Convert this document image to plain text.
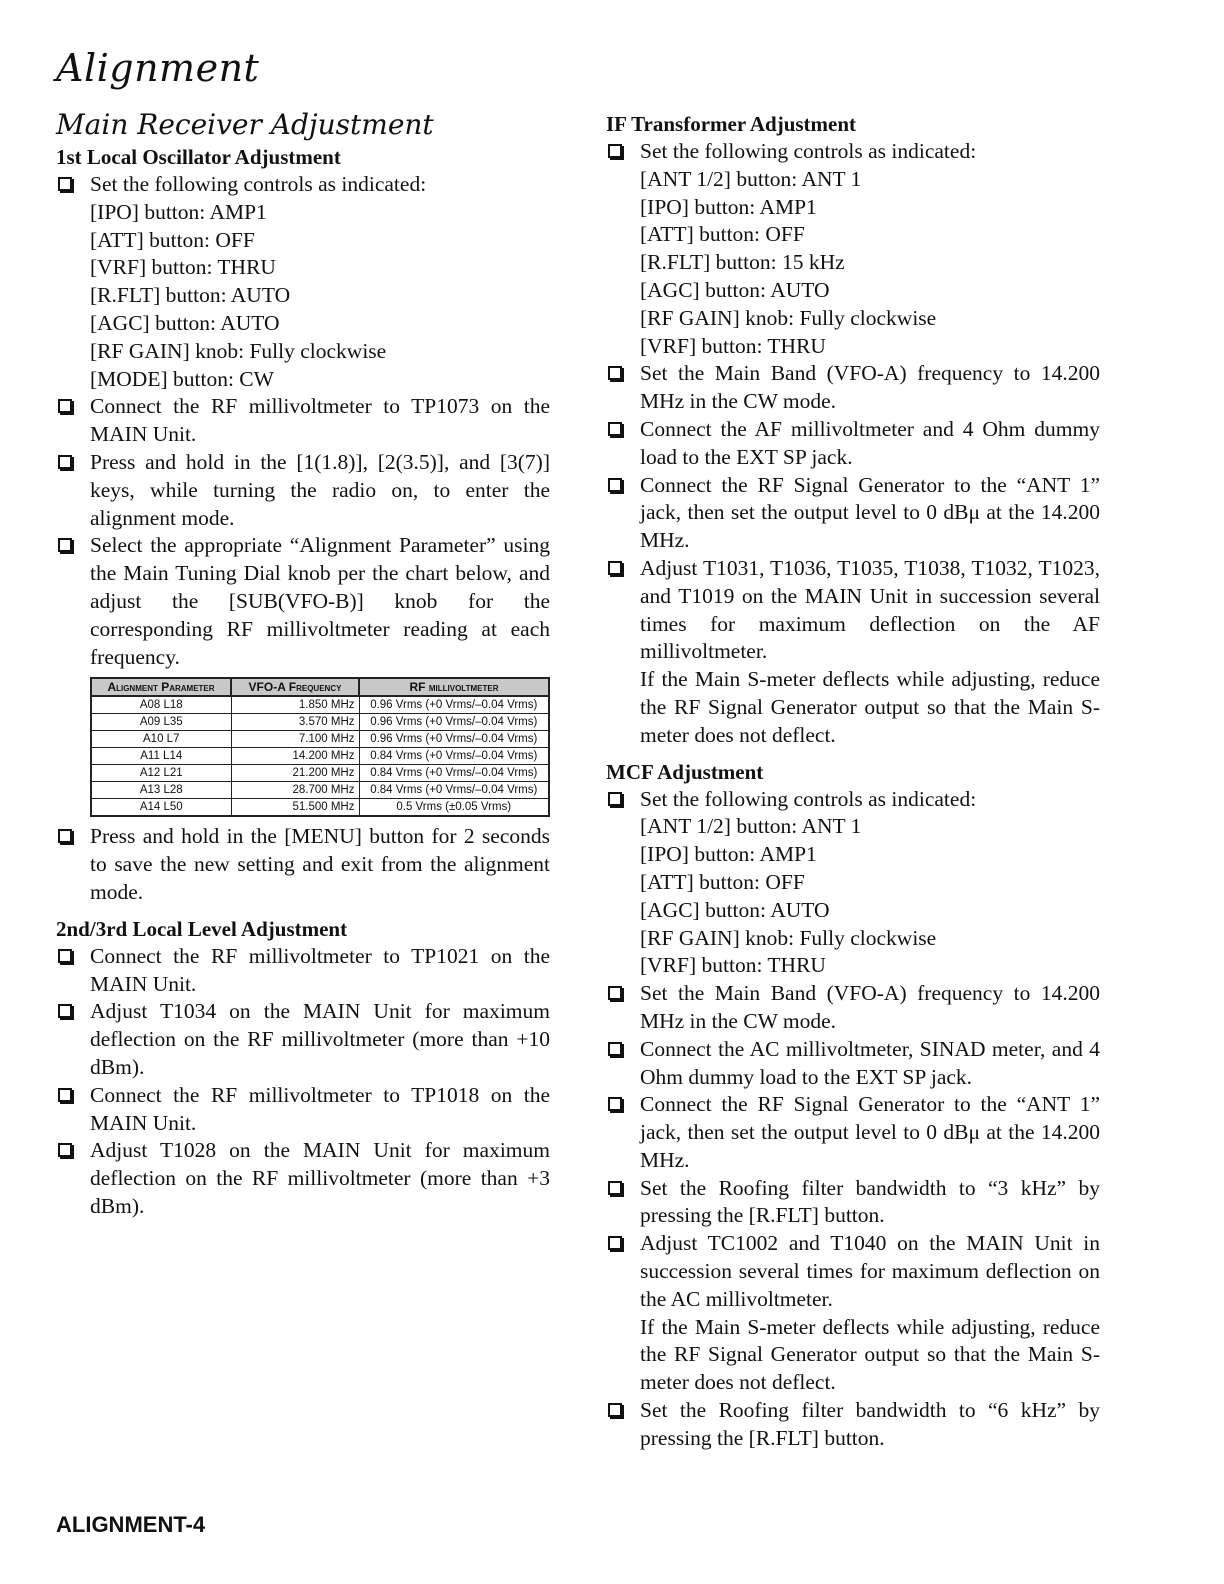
Alignment
Main Receiver Adjustment
1st Local Oscillator Adjustment
Set the following controls as indicated:
[IPO] button: AMP1
[ATT] button: OFF
[VRF] button: THRU
[R.FLT] button: AUTO
[AGC] button: AUTO
[RF GAIN] knob: Fully clockwise
[MODE] button: CW
Connect the RF millivoltmeter to TP1073 on the MAIN Unit.
Press and hold in the [1(1.8)], [2(3.5)], and [3(7)] keys, while turning the radio on, to enter the alignment mode.
Select the appropriate “Alignment Parameter” using the Main Tuning Dial knob per the chart below, and adjust the [SUB(VFO-B)] knob for the corresponding RF millivoltmeter reading at each frequency.
Alignment Parameter	VFO-A Frequency	RF millivoltmeter
A08 L18	1.850 MHz	0.96 Vrms (+0 Vrms/–0.04 Vrms)
A09 L35	3.570 MHz	0.96 Vrms (+0 Vrms/–0.04 Vrms)
A10 L7	7.100 MHz	0.96 Vrms (+0 Vrms/–0.04 Vrms)
A11 L14	14.200 MHz	0.84 Vrms (+0 Vrms/–0.04 Vrms)
A12 L21	21.200 MHz	0.84 Vrms (+0 Vrms/–0.04 Vrms)
A13 L28	28.700 MHz	0.84 Vrms (+0 Vrms/–0.04 Vrms)
A14 L50	51.500 MHz	0.5 Vrms (±0.05 Vrms)
Press and hold in the [MENU] button for 2 seconds to save the new setting and exit from the alignment mode.
2nd/3rd Local Level Adjustment
Connect the RF millivoltmeter to TP1021 on the MAIN Unit.
Adjust T1034 on the MAIN Unit for maximum deflection on the RF millivoltmeter (more than +10 dBm).
Connect the RF millivoltmeter to TP1018 on the MAIN Unit.
Adjust T1028 on the MAIN Unit for maximum deflection on the RF millivoltmeter (more than +3 dBm).
IF Transformer Adjustment
Set the following controls as indicated:
[ANT 1/2] button: ANT 1
[IPO] button: AMP1
[ATT] button: OFF
[R.FLT] button: 15 kHz
[AGC] button: AUTO
[RF GAIN] knob: Fully clockwise
[VRF] button: THRU
Set the Main Band (VFO-A) frequency to 14.200 MHz in the CW mode.
Connect the AF millivoltmeter and 4 Ohm dummy load to the EXT SP jack.
Connect the RF Signal Generator to the “ANT 1” jack, then set the output level to 0 dBμ at the 14.200 MHz.
Adjust T1031, T1036, T1035, T1038, T1032, T1023, and T1019 on the MAIN Unit in succession several times for maximum deflection on the AF millivoltmeter.
If the Main S-meter deflects while adjusting, reduce the RF Signal Generator output so that the Main S-meter does not deflect.
MCF Adjustment
Set the following controls as indicated:
[ANT 1/2] button: ANT 1
[IPO] button: AMP1
[ATT] button: OFF
[AGC] button: AUTO
[RF GAIN] knob: Fully clockwise
[VRF] button: THRU
Set the Main Band (VFO-A) frequency to 14.200 MHz in the CW mode.
Connect the AC millivoltmeter, SINAD meter, and 4 Ohm dummy load to the EXT SP jack.
Connect the RF Signal Generator to the “ANT 1” jack, then set the output level to 0 dBμ at the 14.200 MHz.
Set the Roofing filter bandwidth to “3 kHz” by pressing the [R.FLT] button.
Adjust TC1002 and T1040 on the MAIN Unit in succession several times for maximum deflection on the AC millivoltmeter.
If the Main S-meter deflects while adjusting, reduce the RF Signal Generator output so that the Main S-meter does not deflect.
Set the Roofing filter bandwidth to “6 kHz” by pressing the [R.FLT] button.
ALIGNMENT-4
